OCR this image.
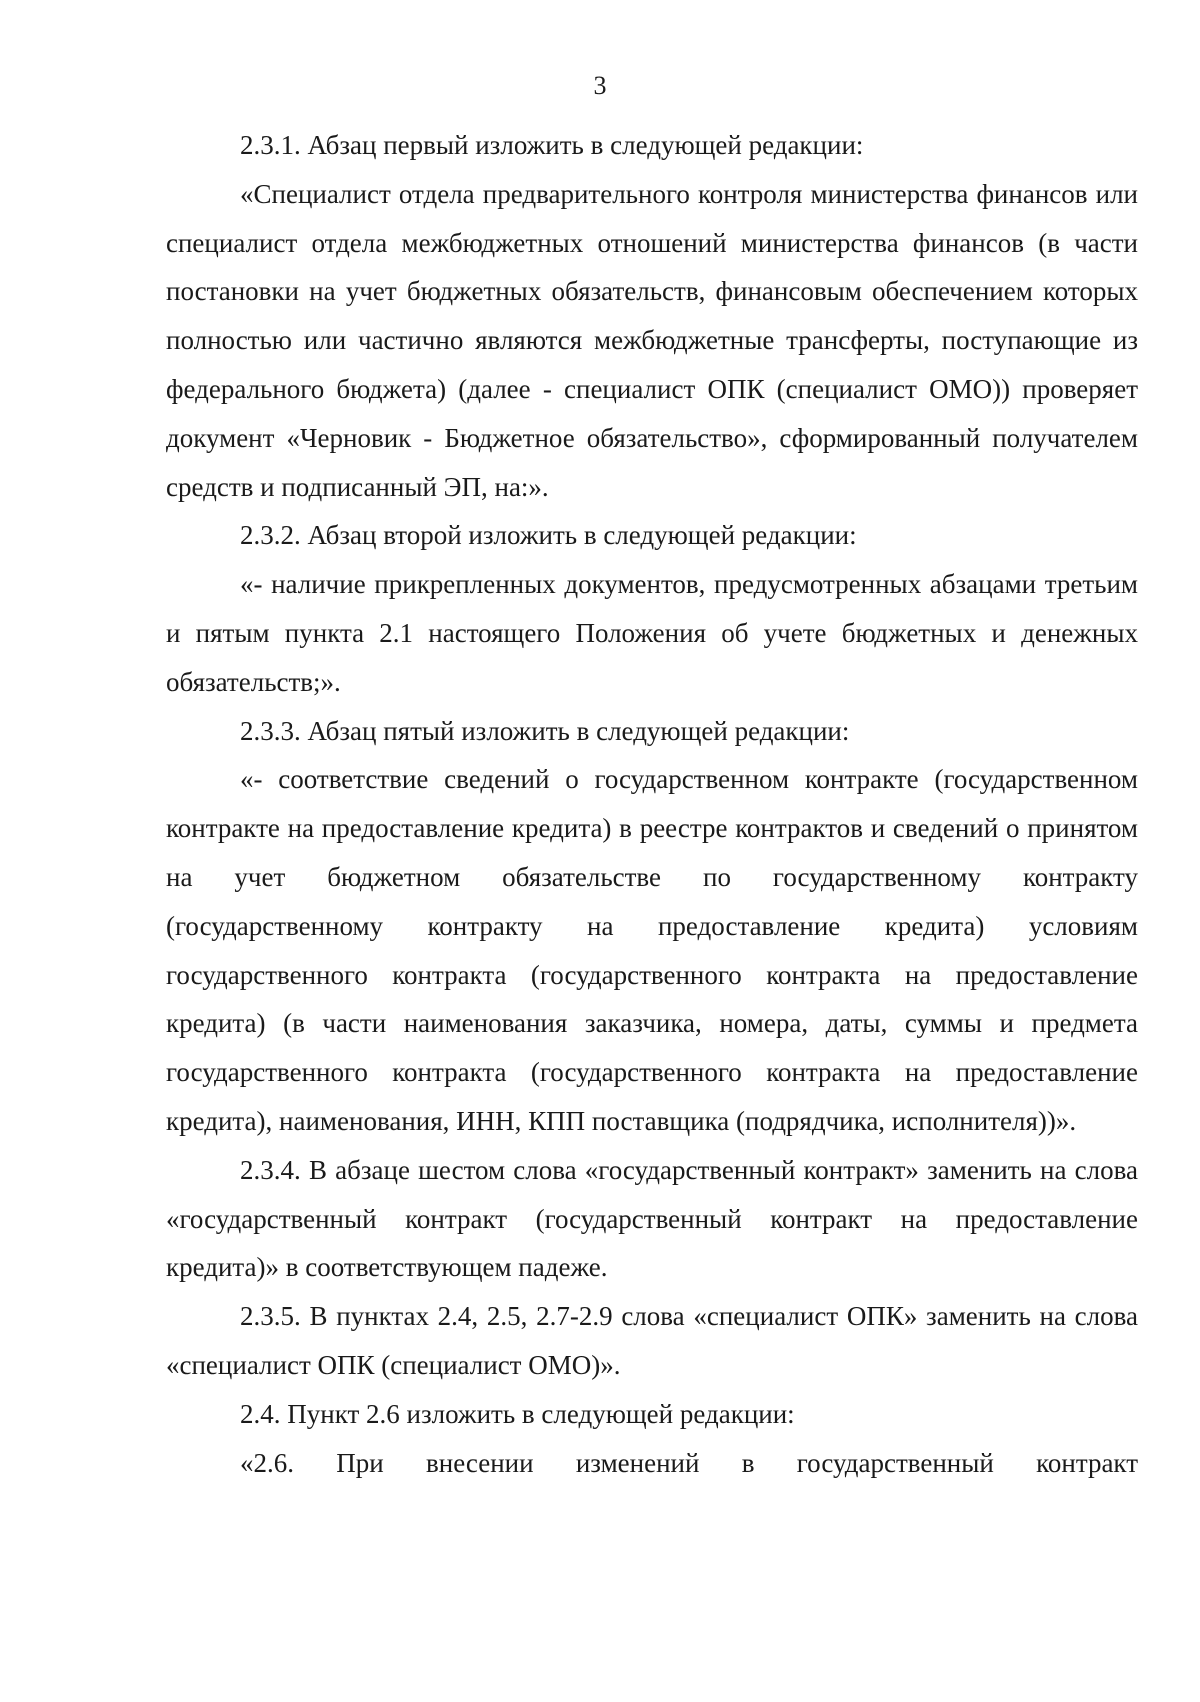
3

2.3.1. Абзац первый изложить в следующей редакции:

«Специалист отдела предварительного контроля министерства финансов или специалист отдела межбюджетных отношений министерства финансов (в части постановки на учет бюджетных обязательств, финансовым обеспечением которых полностью или частично являются межбюджетные трансферты, поступающие из федерального бюджета) (далее - специалист ОПК (специалист ОМО)) проверяет документ «Черновик - Бюджетное обязательство», сформированный получателем средств и подписанный ЭП, на:».

2.3.2. Абзац второй изложить в следующей редакции:

«- наличие прикрепленных документов, предусмотренных абзацами третьим и пятым пункта 2.1 настоящего Положения об учете бюджетных и денежных обязательств;».

2.3.3. Абзац пятый изложить в следующей редакции:

«- соответствие сведений о государственном контракте (государственном контракте на предоставление кредита) в реестре контрактов и сведений о принятом на учет бюджетном обязательстве по государственному контракту (государственному контракту на предоставление кредита) условиям государственного контракта (государственного контракта на предоставление кредита) (в части наименования заказчика, номера, даты, суммы и предмета государственного контракта (государственного контракта на предоставление кредита), наименования, ИНН, КПП поставщика (подрядчика, исполнителя))».

2.3.4. В абзаце шестом слова «государственный контракт» заменить на слова «государственный контракт (государственный контракт на предоставление кредита)» в соответствующем падеже.

2.3.5. В пунктах 2.4, 2.5, 2.7-2.9 слова «специалист ОПК» заменить на слова «специалист ОПК (специалист ОМО)».

2.4. Пункт 2.6 изложить в следующей редакции:

«2.6. При внесении изменений в государственный контракт
